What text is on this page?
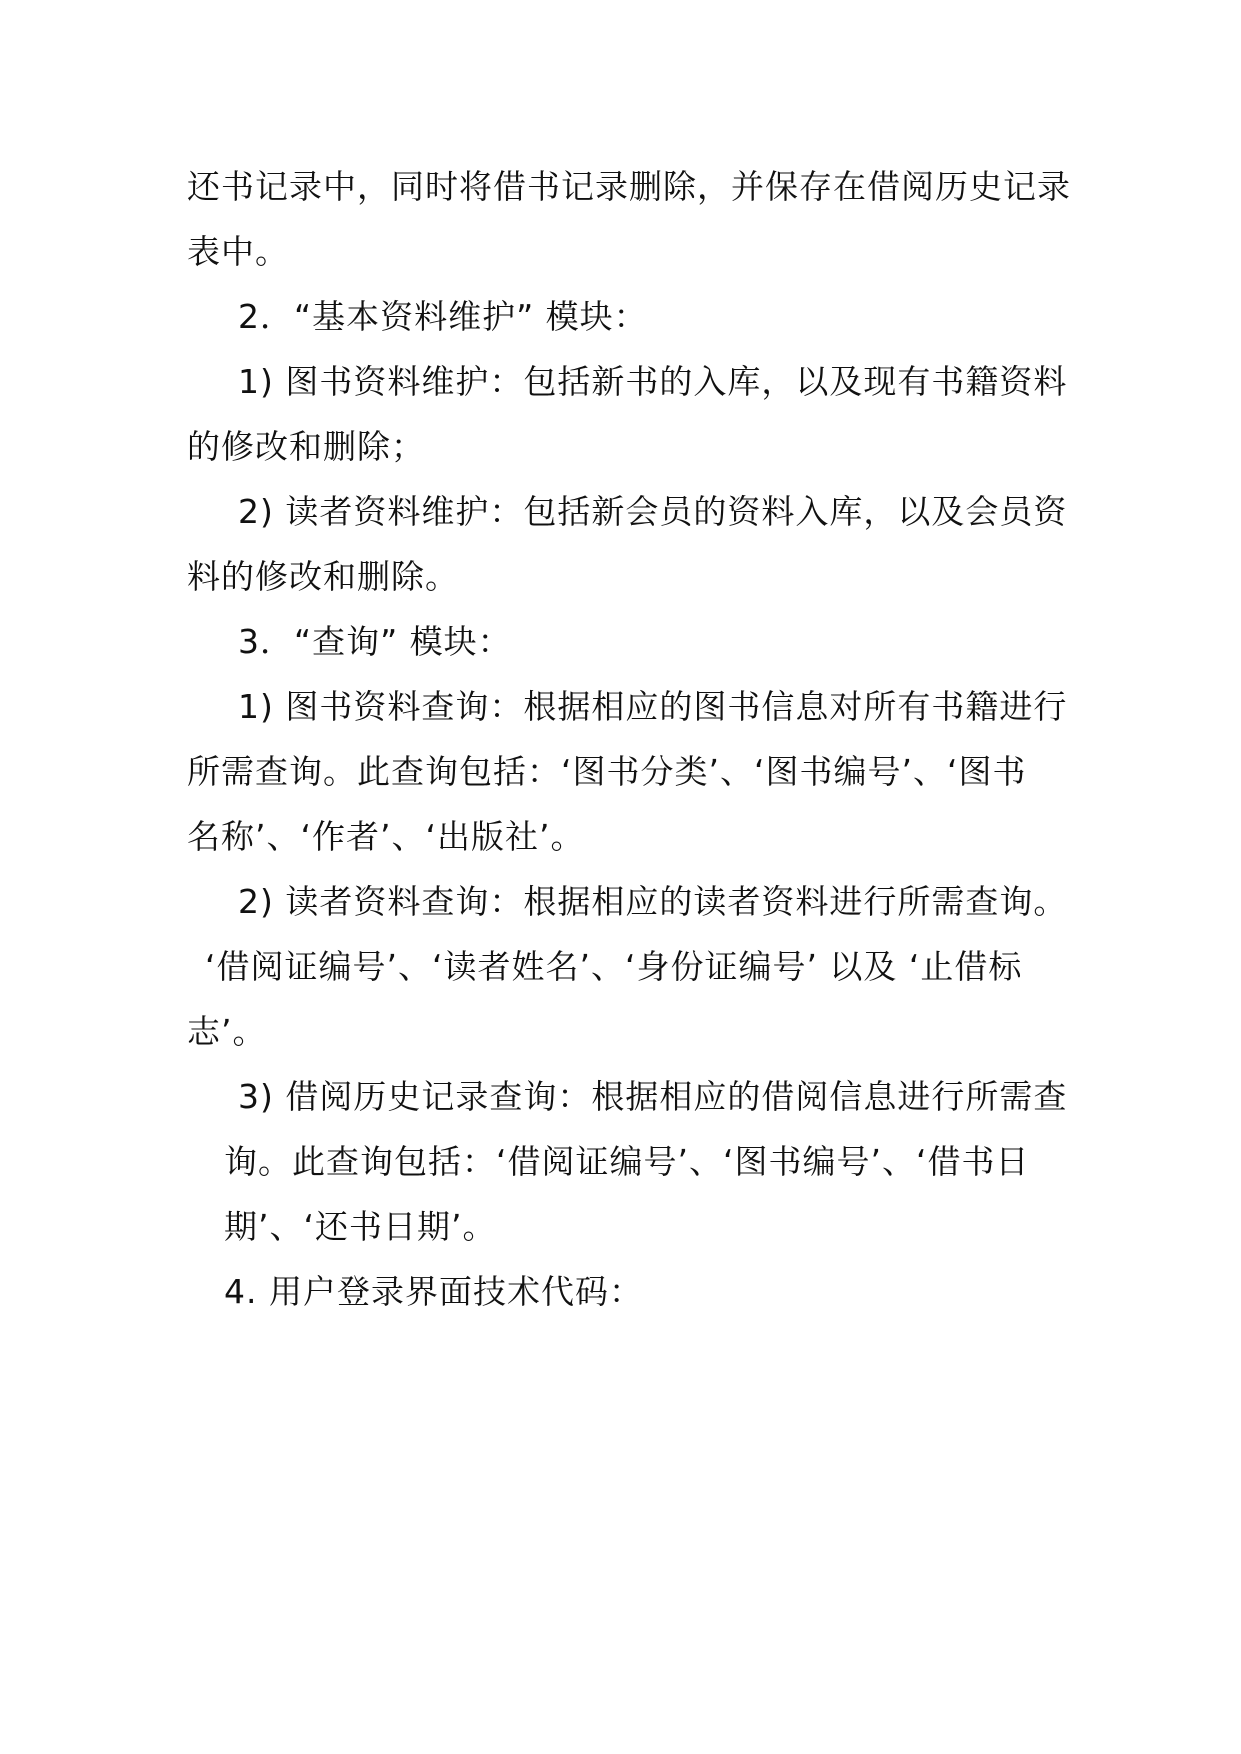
还书记录中，同时将借书记录删除，并保存在借阅历史记录
表中。
2．“基本资料维护” 模块：
1) 图书资料维护：包括新书的入库，以及现有书籍资料
的修改和删除；
2) 读者资料维护：包括新会员的资料入库，以及会员资
料的修改和删除。
3．“查询” 模块：
1) 图书资料查询：根据相应的图书信息对所有书籍进行
所需查询。此查询包括：‘图书分类’、‘图书编号’、‘图书
名称’、‘作者’、‘出版社’。
2) 读者资料查询：根据相应的读者资料进行所需查询。
‘借阅证编号’、‘读者姓名’、‘身份证编号’ 以及 ‘止借标
志’。
3) 借阅历史记录查询：根据相应的借阅信息进行所需查
询。此查询包括：‘借阅证编号’、‘图书编号’、‘借书日
期’、‘还书日期’。
4. 用户登录界面技术代码：
